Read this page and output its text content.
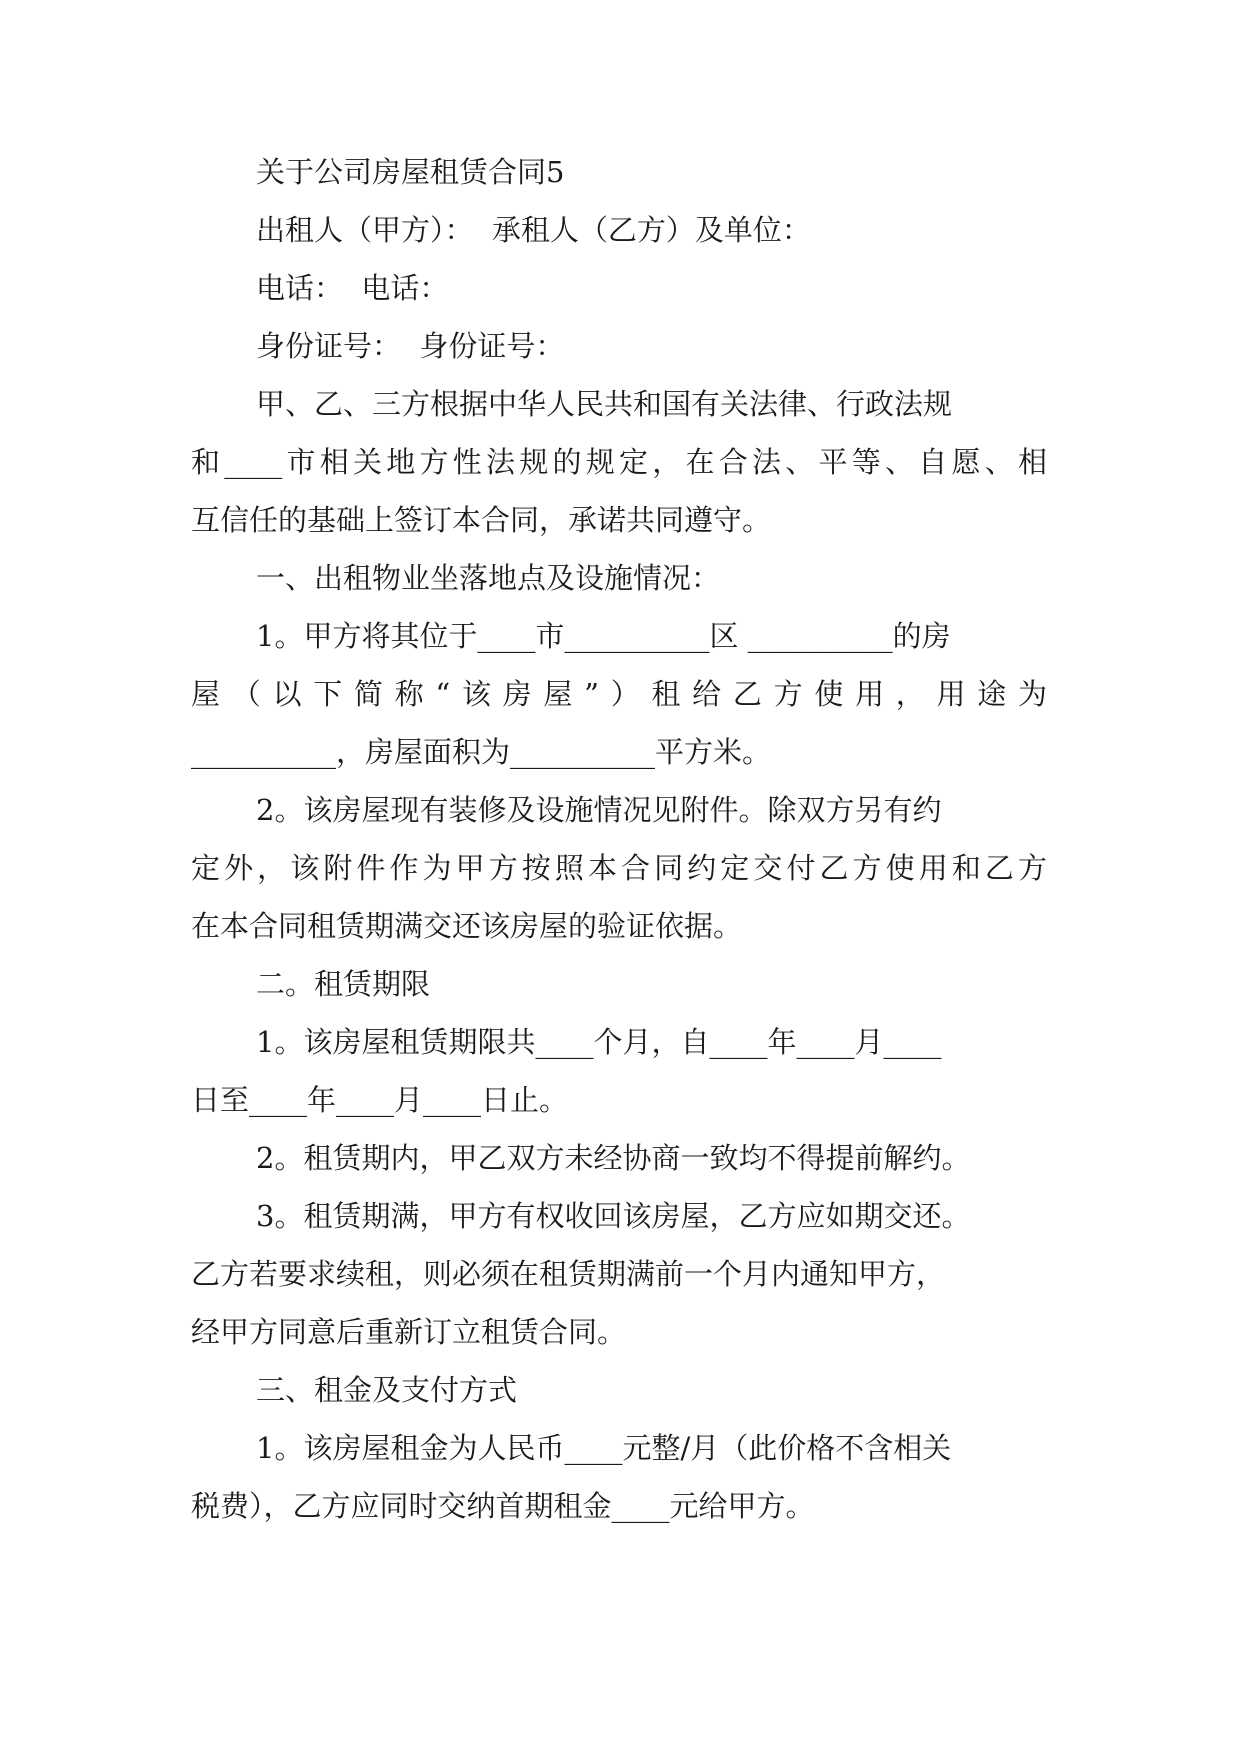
关于公司房屋租赁合同5

出租人（甲方）：  承租人（乙方）及单位：

电话：  电话：

身份证号：  身份证号：

甲、乙、三方根据中华人民共和国有关法律、行政法规

和____市相关地方性法规的规定，在合法、平等、自愿、相

互信任的基础上签订本合同，承诺共同遵守。

一、出租物业坐落地点及设施情况：

1。甲方将其位于____市__________区 __________的房

屋（以下简称“该房屋”）租给乙方使用，用途为

__________，房屋面积为__________平方米。

2。该房屋现有装修及设施情况见附件。除双方另有约

定外，该附件作为甲方按照本合同约定交付乙方使用和乙方

在本合同租赁期满交还该房屋的验证依据。

二。租赁期限

1。该房屋租赁期限共____个月，自____年____月____

日至____年____月____日止。

2。租赁期内，甲乙双方未经协商一致均不得提前解约。

3。租赁期满，甲方有权收回该房屋，乙方应如期交还。

乙方若要求续租，则必须在租赁期满前一个月内通知甲方，

经甲方同意后重新订立租赁合同。

三、租金及支付方式

1。该房屋租金为人民币____元整/月（此价格不含相关

税费），乙方应同时交纳首期租金____元给甲方。
